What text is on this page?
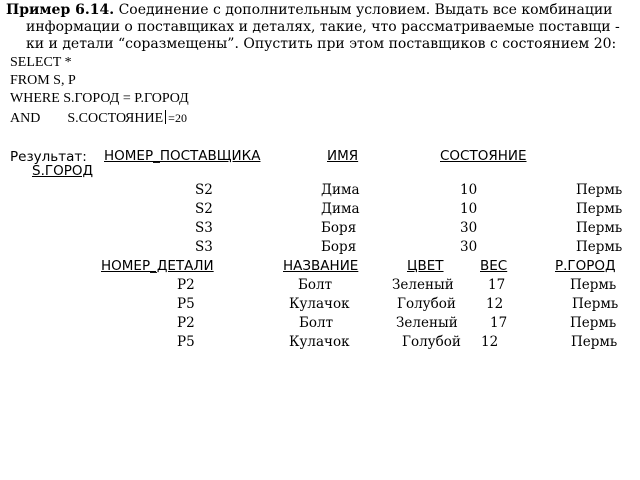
Пример 6.14. Соединение с дополнительным условием. Выдать все комбинации
информации о поставщиках и деталях, такие, что рассматриваемые поставщи -
ки и детали “соразмещены”. Опустить при этом поставщиков с состоянием 20:
SELECT *
FROM S, P
WHERE S.ГОРОД = P.ГОРОД
AND S.СОСТОЯНИЕ =20
Результат: НОМЕР_ПОСТАВЩИКА	ИМЯ	СОСТОЯНИЕ
S.ГОРОД
S2	Дима	10	Пермь
S2	Дима	10	Пермь
S3	Боря	30	Пермь
S3	Боря	30	Пермь
НОМЕР_ДЕТАЛИ	НАЗВАНИЕ	ЦВЕТ	ВЕС	Р.ГОРОД
P2	Болт	Зеленый	17	Пермь
P5	Кулачок	Голубой 12	Пермь
P2	Болт	Зеленый 17	Пермь
P5	Кулачок	Голубой 12	Пермь
